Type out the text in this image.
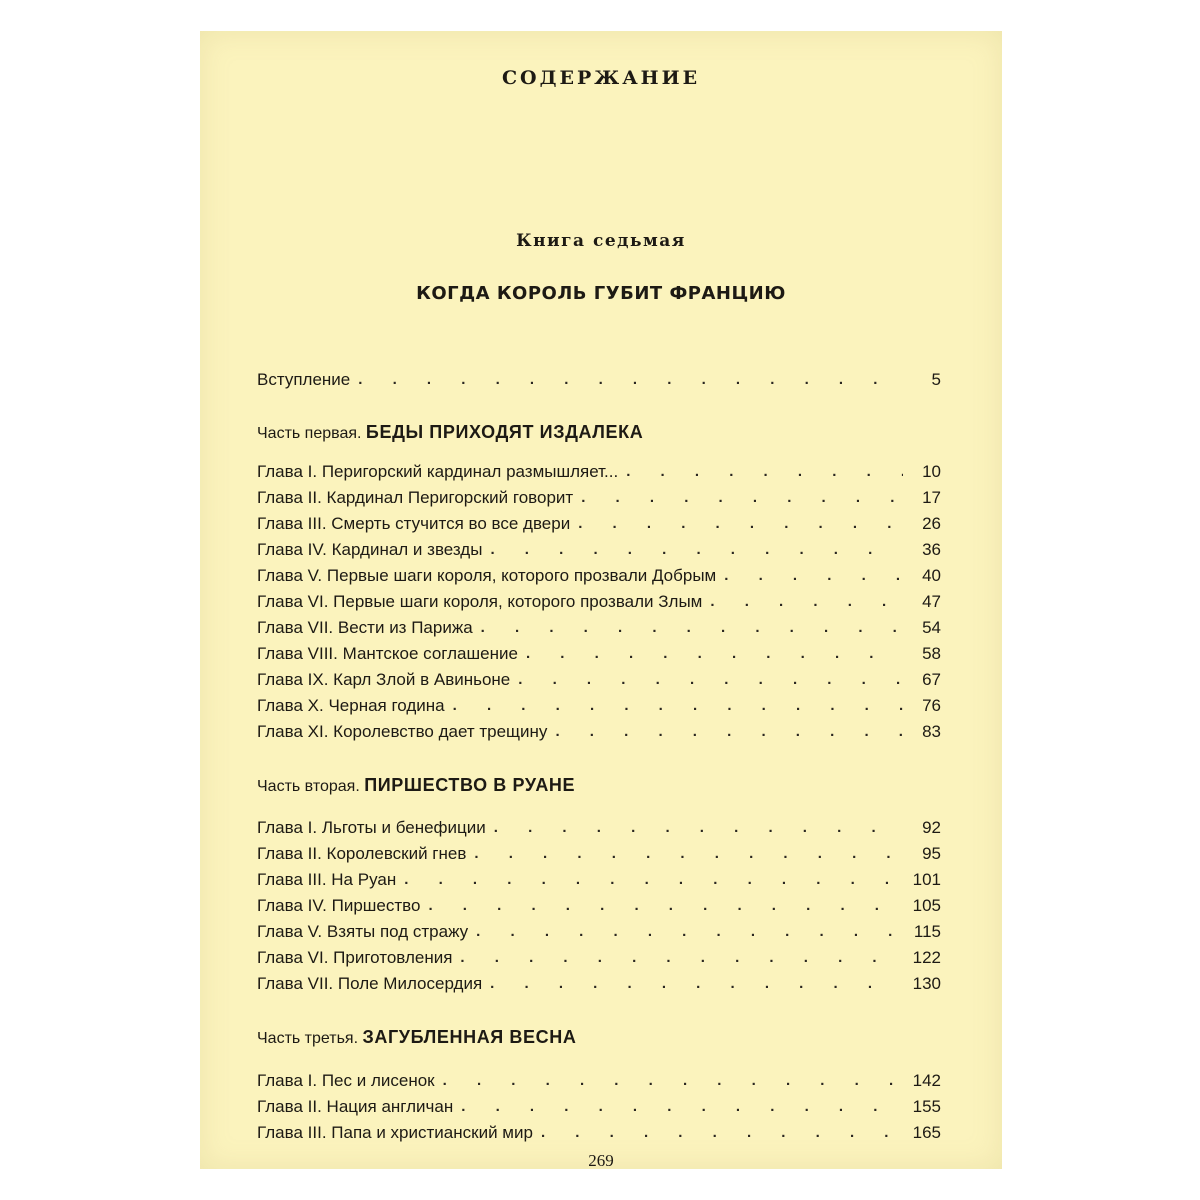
СОДЕРЖАНИЕ
Книга седьмая
КОГДА КОРОЛЬ ГУБИТ ФРАНЦИЮ
Вступление . . .	5
Часть первая. БЕДЫ ПРИХОДЯТ ИЗДАЛЕКА
Глава I. Перигорский кардинал размышляет... . . .	10
Глава II. Кардинал Перигорский говорит . . .	17
Глава III. Смерть стучится во все двери . . .	26
Глава IV. Кардинал и звезды . . .	36
Глава V. Первые шаги короля, которого прозвали Добрым . . .	40
Глава VI. Первые шаги короля, которого прозвали Злым . . .	47
Глава VII. Вести из Парижа . . .	54
Глава VIII. Мантское соглашение . . .	58
Глава IX. Карл Злой в Авиньоне . . .	67
Глава X. Черная година . . .	76
Глава XI. Королевство дает трещину . . .	83
Часть вторая. ПИРШЕСТВО В РУАНЕ
Глава I. Льготы и бенефиции . . .	92
Глава II. Королевский гнев . . .	95
Глава III. На Руан . . .	101
Глава IV. Пиршество . . .	105
Глава V. Взяты под стражу . . .	115
Глава VI. Приготовления . . .	122
Глава VII. Поле Милосердия . . .	130
Часть третья. ЗАГУБЛЕННАЯ ВЕСНА
Глава I. Пес и лисенок . . .	142
Глава II. Нация англичан . . .	155
Глава III. Папа и христианский мир . . .	165
269
